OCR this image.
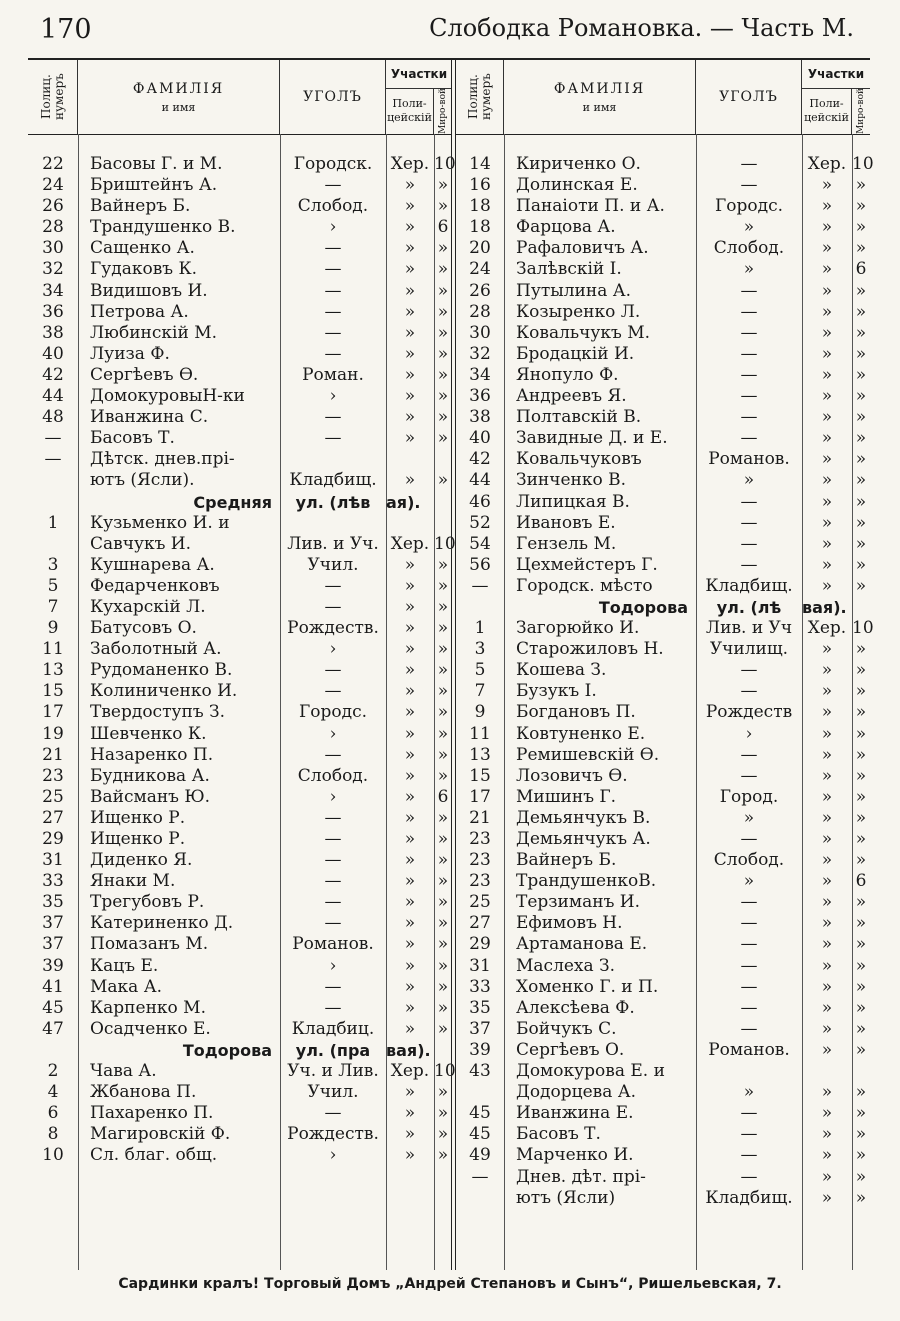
170	Слободка Романовка. — Часть М.
Полиц. нумеръ	ФАМИЛІЯ
и имя
УГОЛЪ
Участки
Поли-цейскій Миро-вой
22	Басовы Г. и М.	Городск.	Хер. 10
24	Бриштейнъ А.	—	»	»
26	Вайнеръ Б.	Слобод.	»	»
28	Трандушенко В.	›	»	6
30	Сащенко А.	—	»	»
32	Гудаковъ К.	—	»	»
34	Видишовъ И.	—	»	»
36	Петрова А.	—	»	»
38	Любинскій М.	—	»	»
40	Луиза Ф.	—	»	»
42	Сергѣевъ Ѳ.	Роман.	»	»
44	ДомокуровыН-ки	›	»	»
48	Иванжина С.	—	»	»
—	Басовъ Т.	—	»	»
—	Дѣтск. днев.прі-
ютъ (Ясли).	Кладбищ.	»	»
Средняя	ул. (лѣв ая).
1	Кузьменко И. и
Савчукъ И.	Лив. и Уч. Хер. 10
3	Кушнарева А.	Учил.	»	»
5	Федарченковъ	—	»	»
7	Кухарскій Л.	—	»	»
9	Батусовъ О.	Рождеств.	»	»
11	Заболотный А.	›	»	»
13	Рудоманенко В.	—	»	»
15	Колиниченко И.	—	»	»
17	Твердоступъ З.	Городс.	»	»
19	Шевченко К.	›	»	»
21	Назаренко П.	—	»	»
23	Будникова А.	Слобод.	»	»
25	Вайсманъ Ю.	›	»	6
27	Ищенко Р.	—	»	»
29	Ищенко Р.	—	»	»
31	Диденко Я.	—	»	»
33	Янаки М.	—	»	»
35	Трегубовъ Р.	—	»	»
37	Катериненко Д.	—	»	»
37	Помазанъ М.	Романов.	»	»
39	Кацъ Е.	›	»	»
41	Мака А.	—	»	»
45	Карпенко М.	—	»	»
47	Осадченко Е.	Кладбиц.	»	»
Тодорова	ул. (пра вая).
2	Чава А.	Уч. и Лив. Хер. 10
4	Жбанова П.	Учил.	»	»
6	Пахаренко П.	—	»	»
8	Магировскій Ф.	Рождеств.	»	»
10	Сл. благ. общ.	›	»	»
Полиц. нумеръ	ФАМИЛІЯ
и имя
УГОЛЪ
Участки
Поли-цейскій Миро-вой
14	Кириченко О.	—	Хер. 10
16	Долинская Е.	—	»	»
18	Панаіоти П. и А.	Городс.	»	»
18	Фарцова А.	»	»	»
20	Рафаловичъ А.	Слобод.	»	»
24	Залѣвскій І.	»	»	6
26	Путылина А.	—	»	»
28	Козыренко Л.	—	»	»
30	Ковальчукъ М.	—	»	»
32	Бродацкій И.	—	»	»
34	Янопуло Ф.	—	»	»
36	Андреевъ Я.	—	»	»
38	Полтавскій В.	—	»	»
40	Завидные Д. и Е.	—	»	»
42	Ковальчуковъ	Романов.	»	»
44	Зинченко В.	»	»	»
46	Липицкая В.	—	»	»
52	Ивановъ Е.	—	»	»
54	Гензель М.	—	»	»
56	Цехмейстеръ Г.	—	»	»
—	Городск. мѣсто	Кладбищ.	»	»
Тодорова	ул. (лѣ	вая).
1	Загорюйко И.	Лив. и Уч Хер. 10
3	Старожиловъ Н.	Училищ.	»	»
5	Кошева З.	—	»	»
7	Бузукъ І.	—	»	»
9	Богдановъ П.	Рождеств	»	»
11	Ковтуненко Е.	›	»	»
13	Ремишевскій Ѳ.	—	»	»
15	Лозовичъ Ѳ.	—	»	»
17	Мишинъ Г.	Город.	»	»
21	Демьянчукъ В.	»	»	»
23	Демьянчукъ А.	—	»	»
23	Вайнеръ Б.	Слобод.	»	»
23	ТрандушенкоВ.	»	»	6
25	Терзиманъ И.	—	»	»
27	Ефимовъ Н.	—	»	»
29	Артаманова Е.	—	»	»
31	Маслеха З.	—	»	»
33	Хоменко Г. и П.	—	»	»
35	Алексѣева Ф.	—	»	»
37	Бойчукъ С.	—	»	»
39	Сергѣевъ О.	Романов.	»	»
43	Домокурова Е. и
Додорцева А.	»	»	»
45	Иванжина Е.	—	»	»
45	Басовъ Т.	—	»	»
49	Марченко И.	—	»	»
—	Днев. дѣт. прі-	—	»	»
ютъ (Ясли)	Кладбищ.	»	»
Сардинки кралъ! Торговый Домъ „Андрей Степановъ и Сынъ“, Ришельевская, 7.
